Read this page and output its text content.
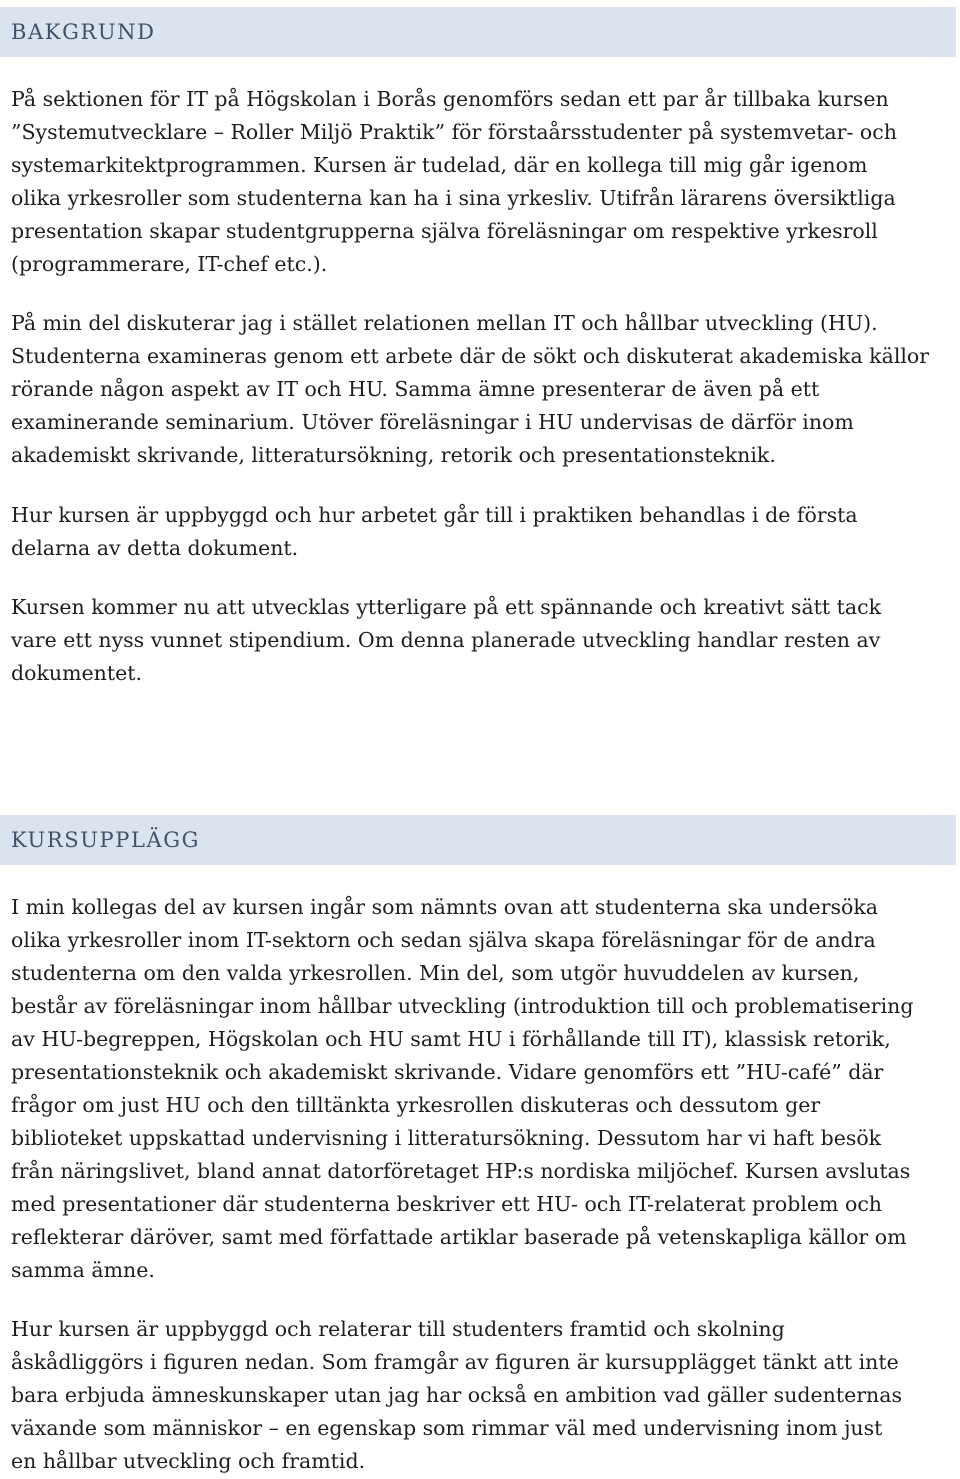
BAKGRUND

På sektionen för IT på Högskolan i Borås genomförs sedan ett par år tillbaka kursen
”Systemutvecklare – Roller Miljö Praktik” för förstaårsstudenter på systemvetar- och
systemarkitektprogrammen. Kursen är tudelad, där en kollega till mig går igenom
olika yrkesroller som studenterna kan ha i sina yrkesliv. Utifrån lärarens översiktliga
presentation skapar studentgrupperna själva föreläsningar om respektive yrkesroll
(programmerare, IT-chef etc.).

På min del diskuterar jag i stället relationen mellan IT och hållbar utveckling (HU).
Studenterna examineras genom ett arbete där de sökt och diskuterat akademiska källor
rörande någon aspekt av IT och HU. Samma ämne presenterar de även på ett
examinerande seminarium. Utöver föreläsningar i HU undervisas de därför inom
akademiskt skrivande, litteratursökning, retorik och presentationsteknik.

Hur kursen är uppbyggd och hur arbetet går till i praktiken behandlas i de första
delarna av detta dokument.

Kursen kommer nu att utvecklas ytterligare på ett spännande och kreativt sätt tack
vare ett nyss vunnet stipendium. Om denna planerade utveckling handlar resten av
dokumentet.

KURSUPPLÄGG

I min kollegas del av kursen ingår som nämnts ovan att studenterna ska undersöka
olika yrkesroller inom IT-sektorn och sedan själva skapa föreläsningar för de andra
studenterna om den valda yrkesrollen. Min del, som utgör huvuddelen av kursen,
består av föreläsningar inom hållbar utveckling (introduktion till och problematisering
av HU-begreppen, Högskolan och HU samt HU i förhållande till IT), klassisk retorik,
presentationsteknik och akademiskt skrivande. Vidare genomförs ett ”HU-café” där
frågor om just HU och den tilltänkta yrkesrollen diskuteras och dessutom ger
biblioteket uppskattad undervisning i litteratursökning. Dessutom har vi haft besök
från näringslivet, bland annat datorföretaget HP:s nordiska miljöchef. Kursen avslutas
med presentationer där studenterna beskriver ett HU- och IT-relaterat problem och
reflekterar däröver, samt med författade artiklar baserade på vetenskapliga källor om
samma ämne.

Hur kursen är uppbyggd och relaterar till studenters framtid och skolning
åskådliggörs i figuren nedan. Som framgår av figuren är kursupplägget tänkt att inte
bara erbjuda ämneskunskaper utan jag har också en ambition vad gäller sudenternas
växande som människor – en egenskap som rimmar väl med undervisning inom just
en hållbar utveckling och framtid.
